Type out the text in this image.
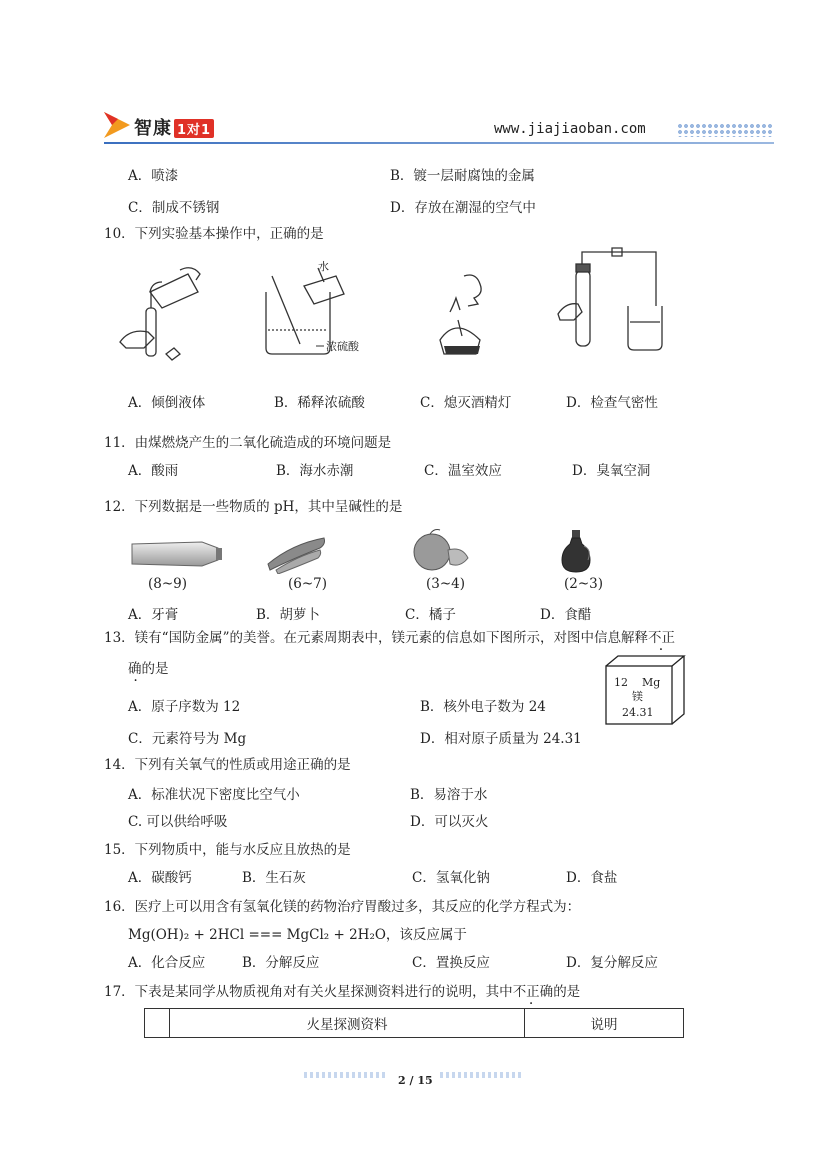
智康 1对1	www.jiajiaoban.com
A．喷漆	B．镀一层耐腐蚀的金属
C．制成不锈钢	D．存放在潮湿的空气中
10．下列实验基本操作中，正确的是
水
浓硫酸
A．倾倒液体	B．稀释浓硫酸	C．熄灭酒精灯	D．检查气密性
11．由煤燃烧产生的二氧化硫造成的环境问题是
A．酸雨	B．海水赤潮	C．温室效应	D．臭氧空洞
12．下列数据是一些物质的 pH，其中呈碱性的是
(8~9)	(6~7)	(3~4)	(2~3)
A．牙膏	B．胡萝卜	C．橘子	D．食醋
13．镁有“国防金属”的美誉。在元素周期表中，镁元素的信息如下图所示，对图中信息解释不正
确的是
12 Mg
镁
24.31
A．原子序数为 12	B．核外电子数为 24
C．元素符号为 Mg	D．相对原子质量为 24.31
14．下列有关氧气的性质或用途正确的是
A．标准状况下密度比空气小	B．易溶于水
C. 可以供给呼吸	D．可以灭火
15．下列物质中，能与水反应且放热的是
A．碳酸钙	B．生石灰	C．氢氧化钠	D．食盐
16．医疗上可以用含有氢氧化镁的药物治疗胃酸过多，其反应的化学方程式为：
Mg(OH)₂ + 2HCl === MgCl₂ + 2H₂O，该反应属于
A．化合反应	B．分解反应	C．置换反应	D．复分解反应
17．下表是某同学从物质视角对有关火星探测资料进行的说明，其中不正确的是
	火星探测资料	说明
2 / 15
